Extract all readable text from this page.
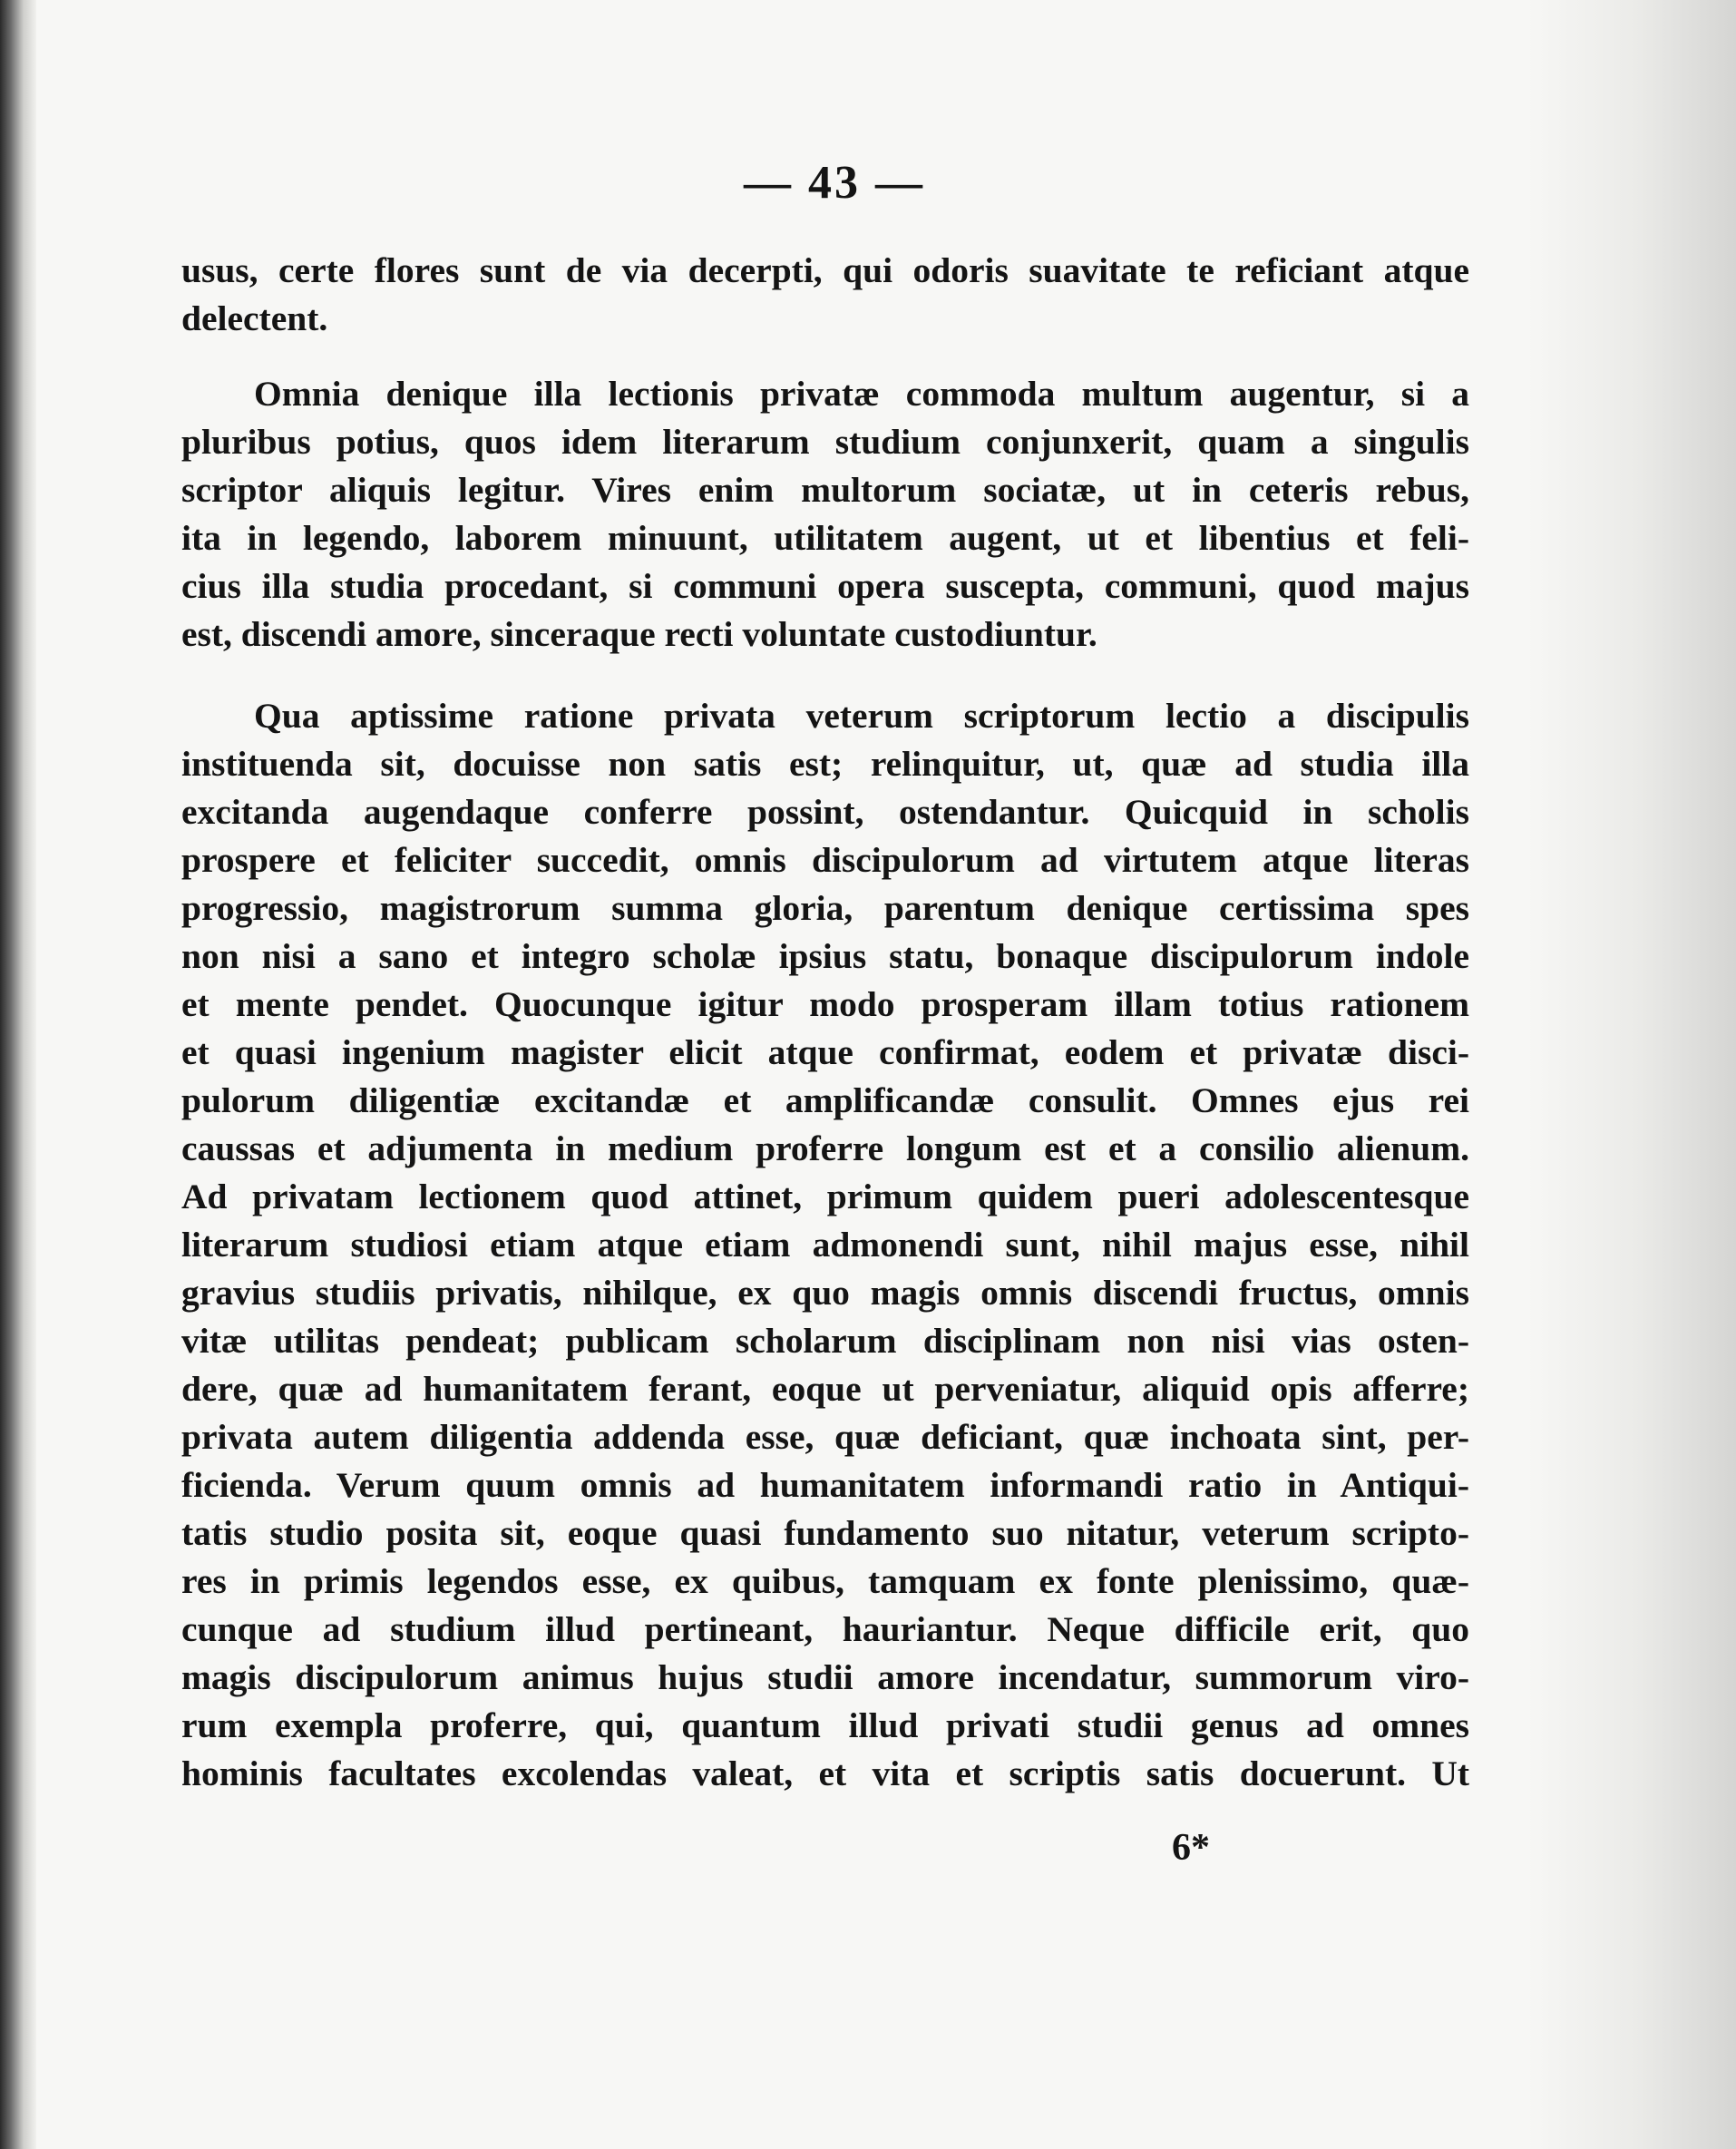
— 43 —
usus, certe flores sunt de via decerpti, qui odoris suavitate te reficiant atque
delectent.
Omnia denique illa lectionis privatæ commoda multum augentur, si a
pluribus potius, quos idem literarum studium conjunxerit, quam a singulis
scriptor aliquis legitur. Vires enim multorum sociatæ, ut in ceteris rebus,
ita in legendo, laborem minuunt, utilitatem augent, ut et libentius et feli-
cius illa studia procedant, si communi opera suscepta, communi, quod majus
est, discendi amore, sinceraque recti voluntate custodiuntur.
Qua aptissime ratione privata veterum scriptorum lectio a discipulis
instituenda sit, docuisse non satis est; relinquitur, ut, quæ ad studia illa
excitanda augendaque conferre possint, ostendantur. Quicquid in scholis
prospere et feliciter succedit, omnis discipulorum ad virtutem atque literas
progressio, magistrorum summa gloria, parentum denique certissima spes
non nisi a sano et integro scholæ ipsius statu, bonaque discipulorum indole
et mente pendet. Quocunque igitur modo prosperam illam totius rationem
et quasi ingenium magister elicit atque confirmat, eodem et privatæ disci-
pulorum diligentiæ excitandæ et amplificandæ consulit. Omnes ejus rei
caussas et adjumenta in medium proferre longum est et a consilio alienum.
Ad privatam lectionem quod attinet, primum quidem pueri adolescentesque
literarum studiosi etiam atque etiam admonendi sunt, nihil majus esse, nihil
gravius studiis privatis, nihilque, ex quo magis omnis discendi fructus, omnis
vitæ utilitas pendeat; publicam scholarum disciplinam non nisi vias osten-
dere, quæ ad humanitatem ferant, eoque ut perveniatur, aliquid opis afferre;
privata autem diligentia addenda esse, quæ deficiant, quæ inchoata sint, per-
ficienda. Verum quum omnis ad humanitatem informandi ratio in Antiqui-
tatis studio posita sit, eoque quasi fundamento suo nitatur, veterum scripto-
res in primis legendos esse, ex quibus, tamquam ex fonte plenissimo, quæ-
cunque ad studium illud pertineant, hauriantur. Neque difficile erit, quo
magis discipulorum animus hujus studii amore incendatur, summorum viro-
rum exempla proferre, qui, quantum illud privati studii genus ad omnes
hominis facultates excolendas valeat, et vita et scriptis satis docuerunt. Ut
6*
